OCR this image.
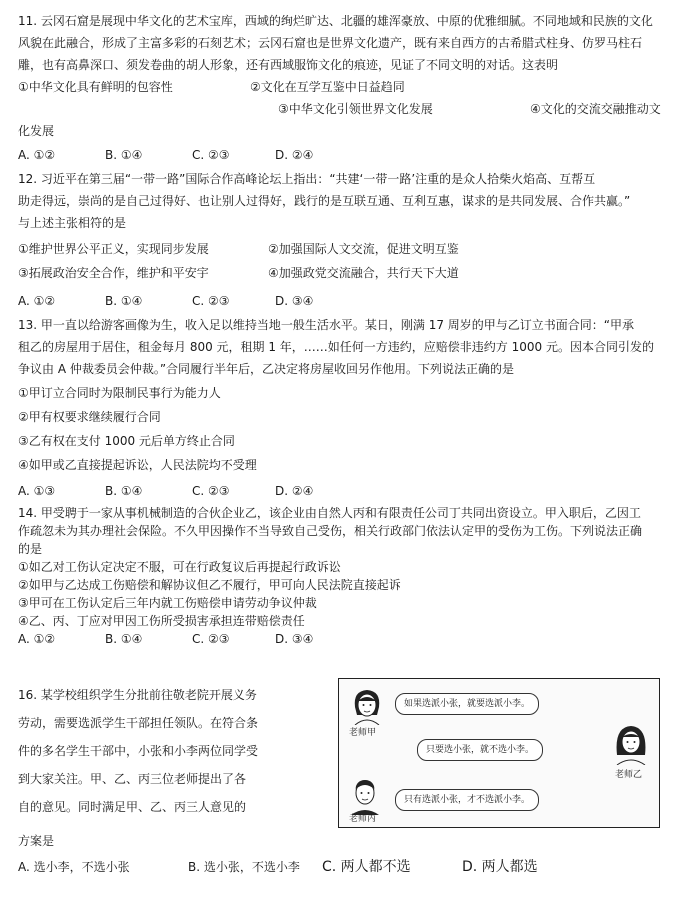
11. 云冈石窟是展现中华文化的艺术宝库，西域的绚烂旷达、北疆的雄浑豪放、中原的优雅细腻。不同地域和民族的文化
风貌在此融合，形成了主富多彩的石刻艺术；云冈石窟也是世界文化遗产，既有来自西方的古希腊式柱身、仿罗马柱石
雕，也有高鼻深口、须发卷曲的胡人形象，还有西域服饰文化的痕迹，见证了不同文明的对话。这表明
①中华文化具有鲜明的包容性	②文化在互学互鉴中日益趋同
③中华文化引领世界文化发展	④文化的交流交融推动文
化发展
A. ①②	B. ①④	C. ②③	D. ②④
12. 习近平在第三届“一带一路”国际合作高峰论坛上指出：“共建‘一带一路’注重的是众人拾柴火焰高、互帮互
助走得远，崇尚的是自己过得好、也让别人过得好，践行的是互联互通、互利互惠，谋求的是共同发展、合作共赢。”
与上述主张相符的是
①维护世界公平正义，实现同步发展	②加强国际人文交流，促进文明互鉴
③拓展政治安全合作，维护和平安宇	④加强政党交流融合，共行天下大道
A. ①②	B. ①④	C. ②③	D. ③④
13. 甲一直以给游客画像为生，收入足以维持当地一般生活水平。某日，刚满 17 周岁的甲与乙订立书面合同：“甲承
租乙的房屋用于居住，租金每月 800 元，租期 1 年，……如任何一方违约，应赔偿非违约方 1000 元。因本合同引发的
争议由 A 仲裁委员会仲裁。”合同履行半年后，乙决定将房屋收回另作他用。下列说法正确的是
①甲订立合同时为限制民事行为能力人
②甲有权要求继续履行合同
③乙有权在支付 1000 元后单方终止合同
④如甲或乙直接提起诉讼，人民法院均不受理
A. ①③	B. ①④	C. ②③	D. ②④
14. 甲受聘于一家从事机械制造的合伙企业乙，该企业由自然人丙和有限责任公司丁共同出资设立。甲入职后，乙因工
作疏忽未为其办理社会保险。不久甲因操作不当导致自己受伤，相关行政部门依法认定甲的受伤为工伤。下列说法正确
的是
①如乙对工伤认定决定不服，可在行政复议后再提起行政诉讼
②如甲与乙达成工伤赔偿和解协议但乙不履行，甲可向人民法院直接起诉
③甲可在工伤认定后三年内就工伤赔偿申请劳动争议仲裁
④乙、丙、丁应对甲因工伤所受损害承担连带赔偿责任
A. ①②	B. ①④	C. ②③	D. ③④
16. 某学校组织学生分批前往敬老院开展义务
劳动，需要选派学生干部担任领队。在符合条
件的多名学生干部中，小张和小李两位同学受
到大家关注。甲、乙、丙三位老师提出了各
自的意见。同时满足甲、乙、丙三人意见的
方案是
老师甲
如果选派小张，就要选派小李。
老师乙
只要选小张，就不选小李。
老师丙
只有选派小张，才不选派小李。
A. 选小李，不选小张	B. 选小张，不选小李 C. 两人都不选	D. 两人都选
